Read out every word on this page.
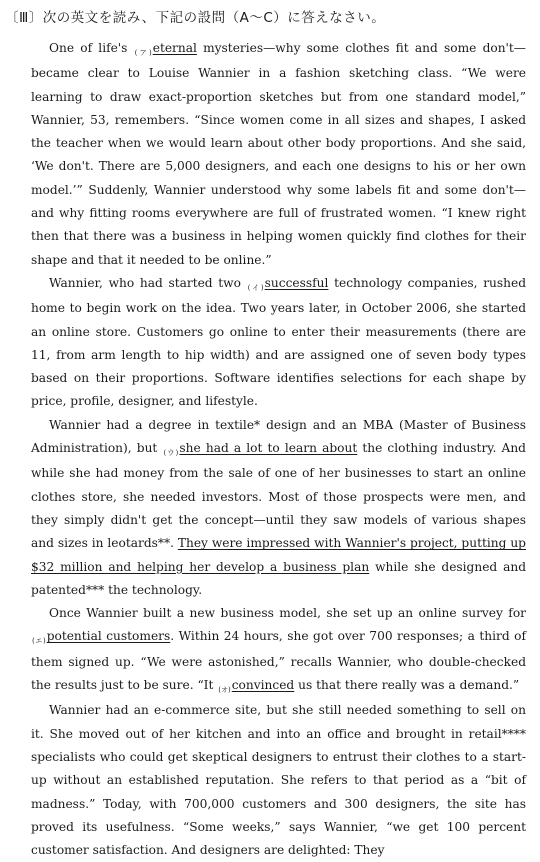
〔Ⅲ〕次の英文を読み、下記の設問（A～C）に答えなさい。

One of life's $_{(ア)}$eternal mysteries—why some clothes fit and some don't—became clear to Louise Wannier in a fashion sketching class. “We were learning to draw exact-proportion sketches but from one standard model,” Wannier, 53, remembers. “Since women come in all sizes and shapes, I asked the teacher when we would learn about other body proportions. And she said, ‘We don't. There are 5,000 designers, and each one designs to his or her own model.’” Suddenly, Wannier understood why some labels fit and some don't—and why fitting rooms everywhere are full of frustrated women. “I knew right then that there was a business in helping women quickly find clothes for their shape and that it needed to be online.”

Wannier, who had started two $_{(イ)}$successful technology companies, rushed home to begin work on the idea. Two years later, in October 2006, she started an online store. Customers go online to enter their measurements (there are 11, from arm length to hip width) and are assigned one of seven body types based on their proportions. Software identifies selections for each shape by price, profile, designer, and lifestyle.

Wannier had a degree in textile* design and an MBA (Master of Business Administration), but $_{(ウ)}$she had a lot to learn about the clothing industry. And while she had money from the sale of one of her businesses to start an online clothes store, she needed investors. Most of those prospects were men, and they simply didn't get the concept—until they saw models of various shapes and sizes in leotards**. They were impressed with Wannier's project, putting up $32 million and helping her develop a business plan while she designed and patented*** the technology.

Once Wannier built a new business model, she set up an online survey for $_{(エ)}$potential customers. Within 24 hours, she got over 700 responses; a third of them signed up. “We were astonished,” recalls Wannier, who double-checked the results just to be sure. “It $_{(オ)}$convinced us that there really was a demand.”

Wannier had an e-commerce site, but she still needed something to sell on it. She moved out of her kitchen and into an office and brought in retail**** specialists who could get skeptical designers to entrust their clothes to a start-up without an established reputation. She refers to that period as a “bit of madness.” Today, with 700,000 customers and 300 designers, the site has proved its usefulness. “Some weeks,” says Wannier, “we get 100 percent customer satisfaction. And designers are delighted: They
